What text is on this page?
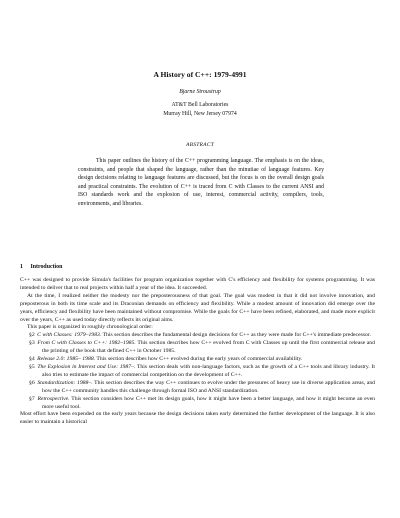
A History of C++: 1979-4991
Bjarne Stroustrup
AT&T Bell Laboratories
Murray Hill, New Jersey 07974
ABSTRACT

This paper outlines the history of the C++ programming language. The emphasis is on the ideas, constraints, and people that shaped the language, rather than the minutiae of language features. Key design decisions relating to language features are discussed, but the focus is on the overall design goals and practical constraints. The evolution of C++ is traced from C with Classes to the current ANSI and ISO standards work and the explosion of use, interest, commercial activity, compilers, tools, environments, and libraries.

1 Introduction

C++ was designed to provide Simula's facilities for program organization together with C's efficiency and flexibility for systems programming. It was intended to deliver that to real projects within half a year of the idea. It succeeded.

At the time, I realized neither the modesty nor the preposterousness of that goal. The goal was modest in that it did not involve innovation, and preposterous in both its time scale and its Draconian demands on efficiency and flexibility. While a modest amount of innovation did emerge over the years, efficiency and flexibility have been maintained without compromise. While the goals for C++ have been refined, elaborated, and made more explicit over the years, C++ as used today directly reflects its original aims.

This paper is organized in roughly chronological order:

§2 C with Classes: 1979–1983. This section describes the fundamental design decisions for C++ as they were made for C++'s immediate predecessor.
§3 From C with Classes to C++: 1982–1985. This section describes how C++ evolved from C with Classes up until the first commercial release and the printing of the book that defined C++ in October 1985.
§4 Release 2.0: 1985– 1988. This section describes how C++ evolved during the early years of commercial availability.
§5 The Explosion in Interest and Use: 1987–. This section deals with non-language factors, such as the growth of a C++ tools and library industry. It also tries to estimate the impact of commercial competition on the development of C++.
§6 Standardization: 1988–. This section describes the way C++ continues to evolve under the pressures of heavy use in diverse application areas, and how the C++ community handles this challenge through formal ISO and ANSI standardization.
§7 Retrospective. This section considers how C++ met its design goals, how it might have been a better language, and how it might become an even more useful tool.

Most effort have been expended on the early years because the design decisions taken early determined the further development of the language. It is also easier to maintain a historical
